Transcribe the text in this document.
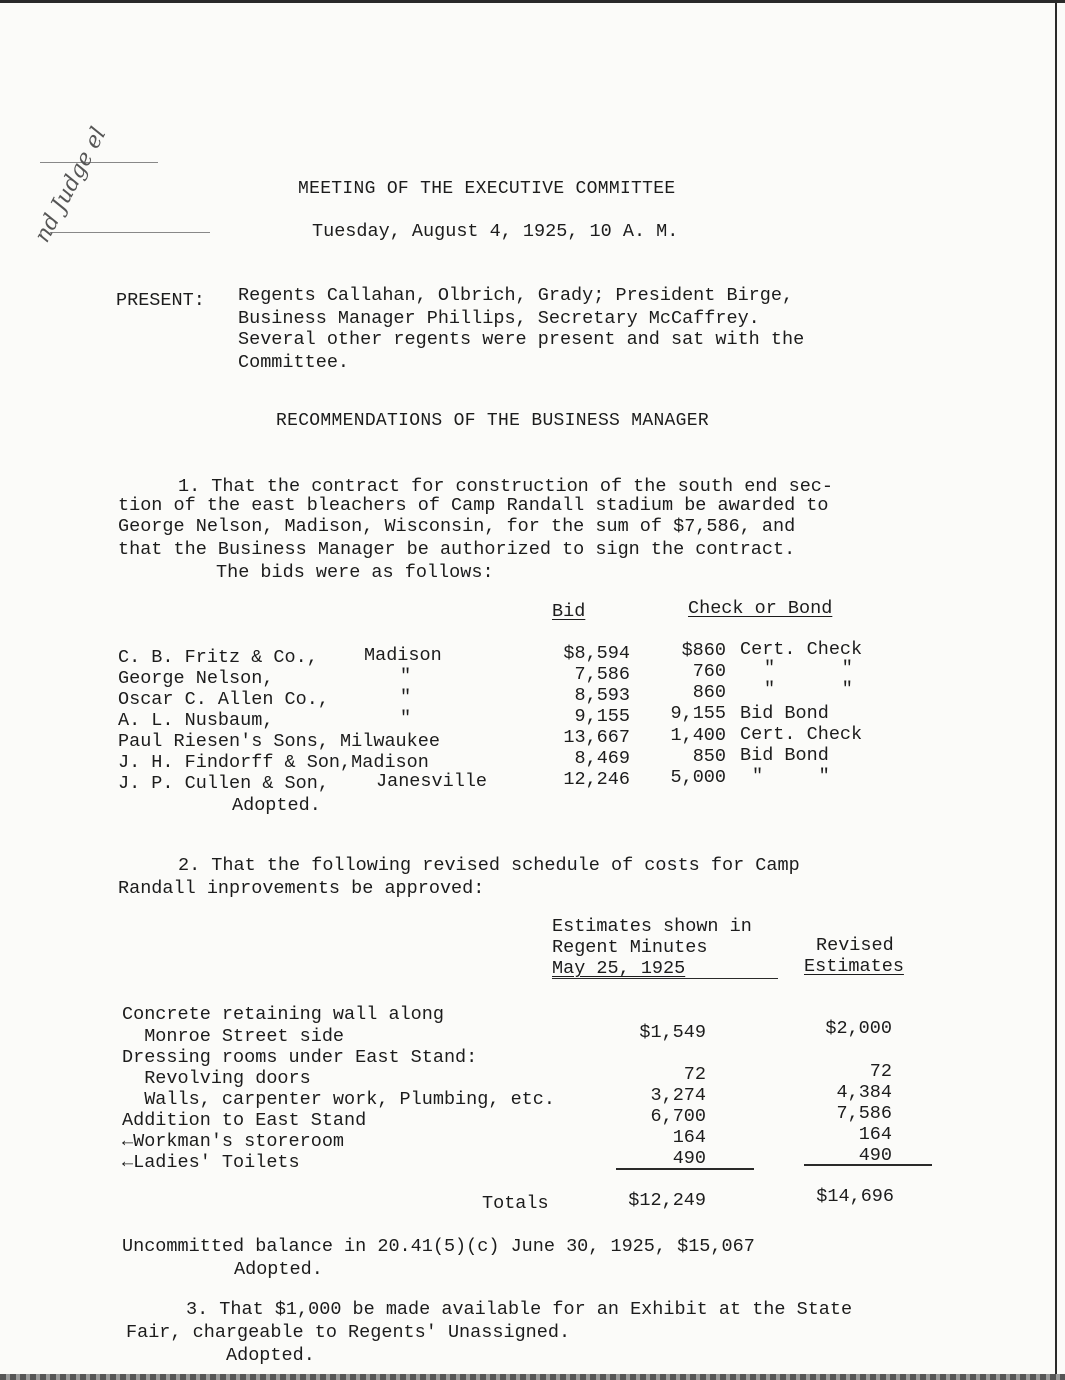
nd Judge el	MEETING OF THE EXECUTIVE COMMITTEE
Tuesday, August 4, 1925, 10 A. M.
PRESENT: Regents Callahan, Olbrich, Grady; President Birge,
Business Manager Phillips, Secretary McCaffrey.
Several other regents were present and sat with the
Committee.
RECOMMENDATIONS OF THE BUSINESS MANAGER
1. That the contract for construction of the south end sec-
tion of the east bleachers of Camp Randall stadium be awarded to
George Nelson, Madison, Wisconsin, for the sum of $7,586, and
that the Business Manager be authorized to sign the contract.
The bids were as follows:
Bid	Check or Bond
C. B. Fritz & Co., Madison	$8,594	$860 Cert. Check
George Nelson,	"	7,586	760 "      "
Oscar C. Allen Co.,	"	8,593	860 "      "
A. L. Nusbaum,	"	9,155	9,155 Bid Bond
Paul Riesen's Sons, Milwaukee	13,667	1,400 Cert. Check
J. H. Findorff & Son,Madison	8,469	850 Bid Bond
J. P. Cullen & Son,	Janesville	12,246	5,000 "     "
Adopted.
2. That the following revised schedule of costs for Camp
Randall inprovements be approved:
Estimates shown in
Regent Minutes
May 25, 1925
Revised
Estimates
Concrete retaining wall along
Monroe Street side	$1,549	$2,000
Dressing rooms under East Stand:
Revolving doors	72	72
Walls, carpenter work, Plumbing, etc.	3,274	4,384
Addition to East Stand	6,700	7,586
←Workman's storeroom	164	164
←Ladies' Toilets	490	490
Totals	$12,249	$14,696
Uncommitted balance in 20.41(5)(c) June 30, 1925, $15,067
Adopted.
3. That $1,000 be made available for an Exhibit at the State
Fair, chargeable to Regents' Unassigned.
Adopted.
